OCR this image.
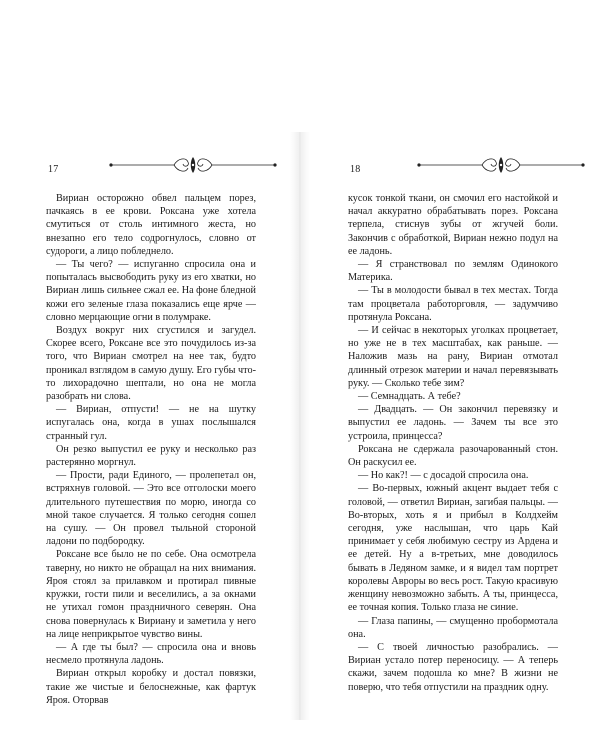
17

Вириан осторожно обвел пальцем порез, пачкаясь в ее крови. Роксана уже хотела смутиться от столь интимного жеста, но внезапно его тело содрогнулось, словно от судороги, а лицо побледнело.

— Ты чего? — испуганно спросила она и попыталась высвободить руку из его хватки, но Вириан лишь сильнее сжал ее. На фоне бледной кожи его зеленые глаза показались еще ярче — словно мерцающие огни в полумраке.

Воздух вокруг них сгустился и загудел. Скорее всего, Роксане все это почудилось из-за того, что Вириан смотрел на нее так, будто проникал взглядом в самую душу. Его губы что-то лихорадочно шептали, но она не могла разобрать ни слова.

— Вириан, отпусти! — не на шутку испугалась она, когда в ушах послышался странный гул.

Он резко выпустил ее руку и несколько раз растерянно моргнул.

— Прости, ради Единого, — пролепетал он, встряхнув головой. — Это все отголоски моего длительного путешествия по морю, иногда со мной такое случается. Я только сегодня сошел на сушу. — Он провел тыльной стороной ладони по подбородку.

Роксане все было не по себе. Она осмотрела таверну, но никто не обращал на них внимания. Яроя стоял за прилавком и протирал пивные кружки, гости пили и веселились, а за окнами не утихал гомон праздничного северян. Она снова повернулась к Вириану и заметила у него на лице неприкрытое чувство вины.

— А где ты был? — спросила она и вновь несмело протянула ладонь.

Вириан открыл коробку и достал повязки, такие же чистые и белоснежные, как фартук Яроя. Оторвав

18

кусок тонкой ткани, он смочил его настойкой и начал аккуратно обрабатывать порез. Роксана терпела, стиснув зубы от жгучей боли. Закончив с обработкой, Вириан нежно подул на ее ладонь.

— Я странствовал по землям Одинокого Материка.

— Ты в молодости бывал в тех местах. Тогда там процветала работорговля, — задумчиво протянула Роксана.

— И сейчас в некоторых уголках процветает, но уже не в тех масштабах, как раньше. — Наложив мазь на рану, Вириан отмотал длинный отрезок материи и начал перевязывать руку. — Сколько тебе зим?

— Семнадцать. А тебе?

— Двадцать. — Он закончил перевязку и выпустил ее ладонь. — Зачем ты все это устроила, принцесса?

Роксана не сдержала разочарованный стон. Он раскусил ее.

— Но как?! — с досадой спросила она.

— Во-первых, южный акцент выдает тебя с головой, — ответил Вириан, загибая пальцы. — Во-вторых, хоть я и прибыл в Колдхейм сегодня, уже наслышан, что царь Кай принимает у себя любимую сестру из Ардена и ее детей. Ну а в-третьих, мне доводилось бывать в Ледяном замке, и я видел там портрет королевы Авроры во весь рост. Такую красивую женщину невозможно забыть. А ты, принцесса, ее точная копия. Только глаза не синие.

— Глаза папины, — смущенно пробормотала она.

— С твоей личностью разобрались. — Вириан устало потер переносицу. — А теперь скажи, зачем подошла ко мне? В жизни не поверю, что тебя отпустили на праздник одну.
